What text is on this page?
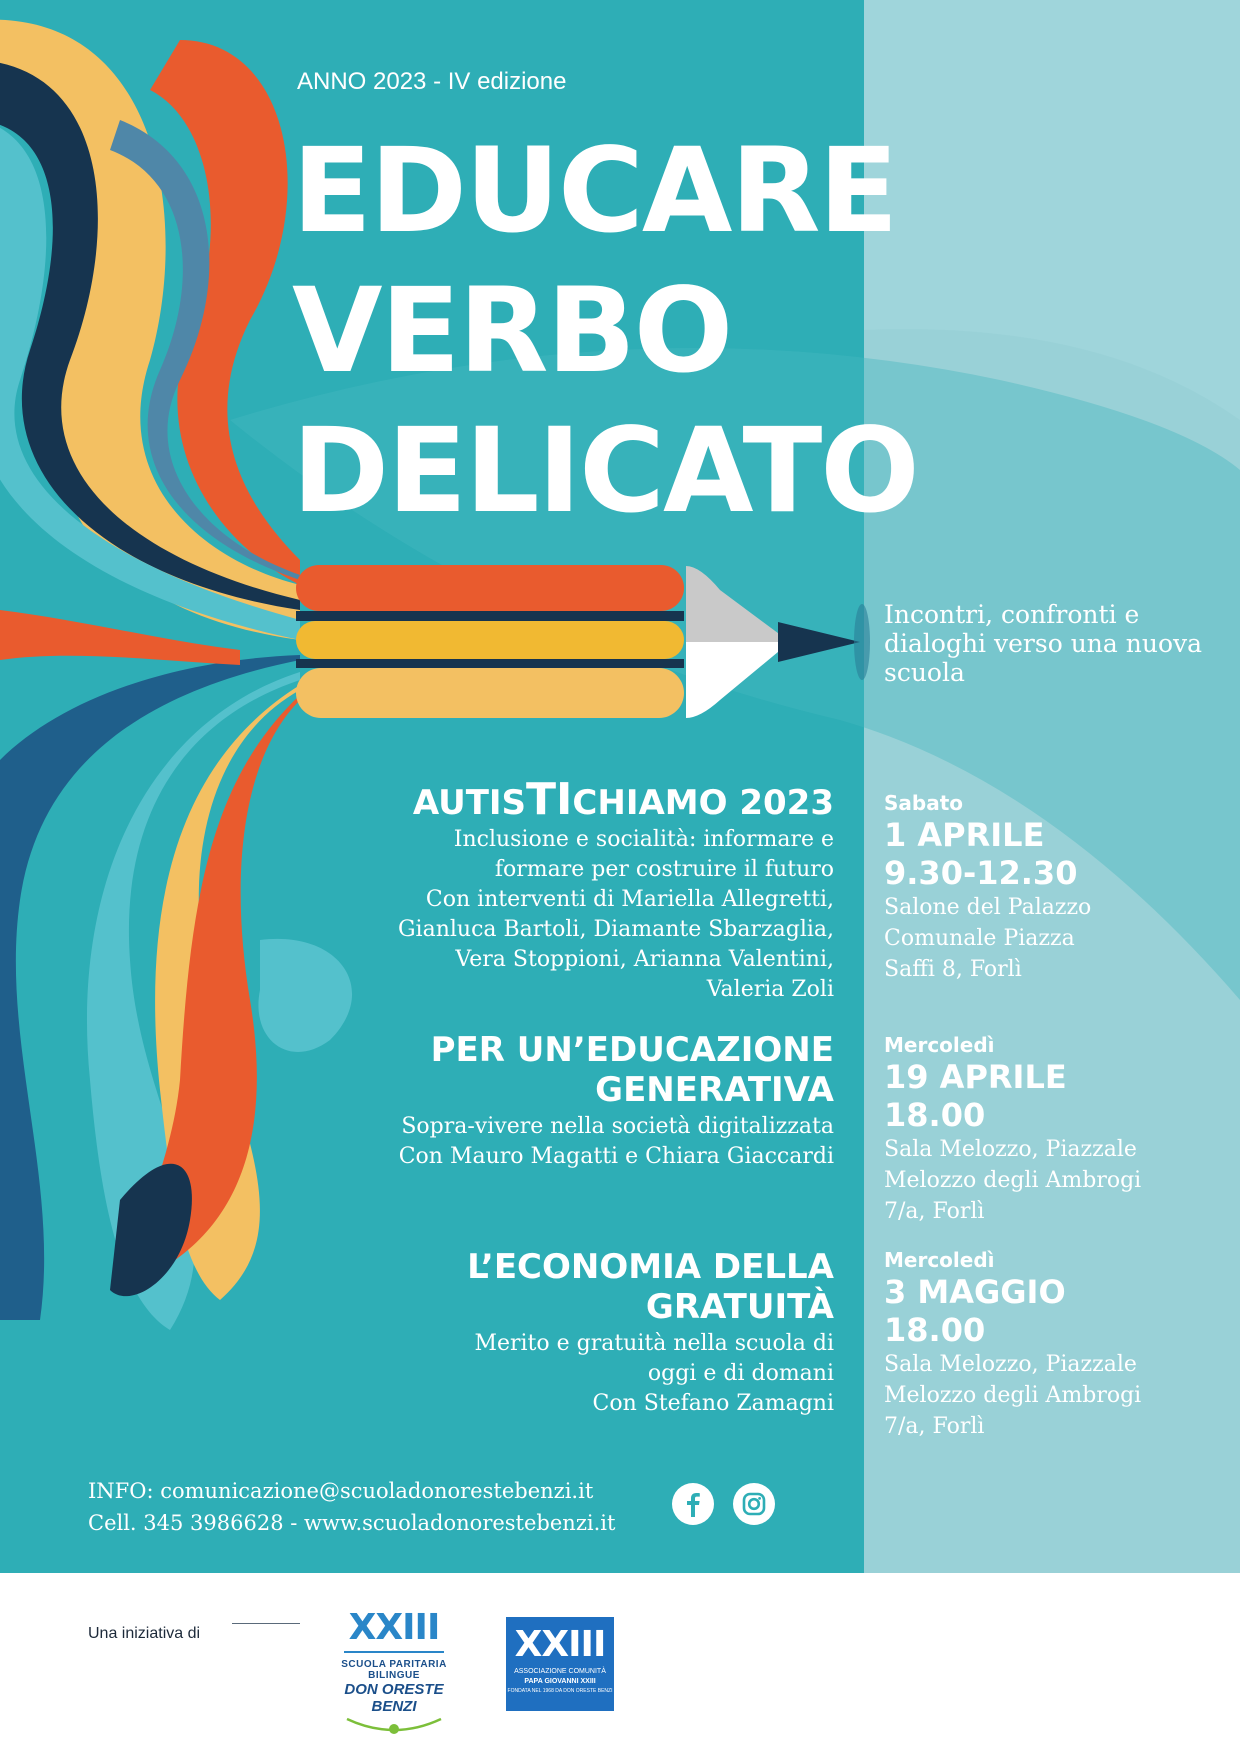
ANNO 2023 - IV edizione

EDUCARE
VERBO
DELICATO
Incontri, confronti e dialoghi verso una nuova scuola
AUTISTICHIAMO 2023
Inclusione e socialità: informare e formare per costruire il futuro
Con interventi di Mariella Allegretti, Gianluca Bartoli, Diamante Sbarzaglia, Vera Stoppioni, Arianna Valentini, Valeria Zoli
Sabato
1 APRILE
9.30-12.30
Salone del Palazzo Comunale Piazza Saffi 8, Forlì
PER UN’EDUCAZIONE GENERATIVA
Sopra-vivere nella società digitalizzata
Con Mauro Magatti e Chiara Giaccardi
Mercoledì
19 APRILE
18.00
Sala Melozzo, Piazzale Melozzo degli Ambrogi 7/a, Forlì
L’ECONOMIA DELLA GRATUITÀ
Merito e gratuità nella scuola di oggi e di domani
Con Stefano Zamagni
Mercoledì
3 MAGGIO
18.00
Sala Melozzo, Piazzale Melozzo degli Ambrogi 7/a, Forlì
INFO: comunicazione@scuoladonorestebenzi.it
Cell. 345 3986628 - www.scuoladonorestebenzi.it
Una iniziativa di	XXIII
SCUOLA PARITARIA BILINGUE
DON ORESTE BENZI
XXIII
ASSOCIAZIONE COMUNITÀ
PAPA GIOVANNI XXIII
FONDATA NEL 1968 DA DON ORESTE BENZI
